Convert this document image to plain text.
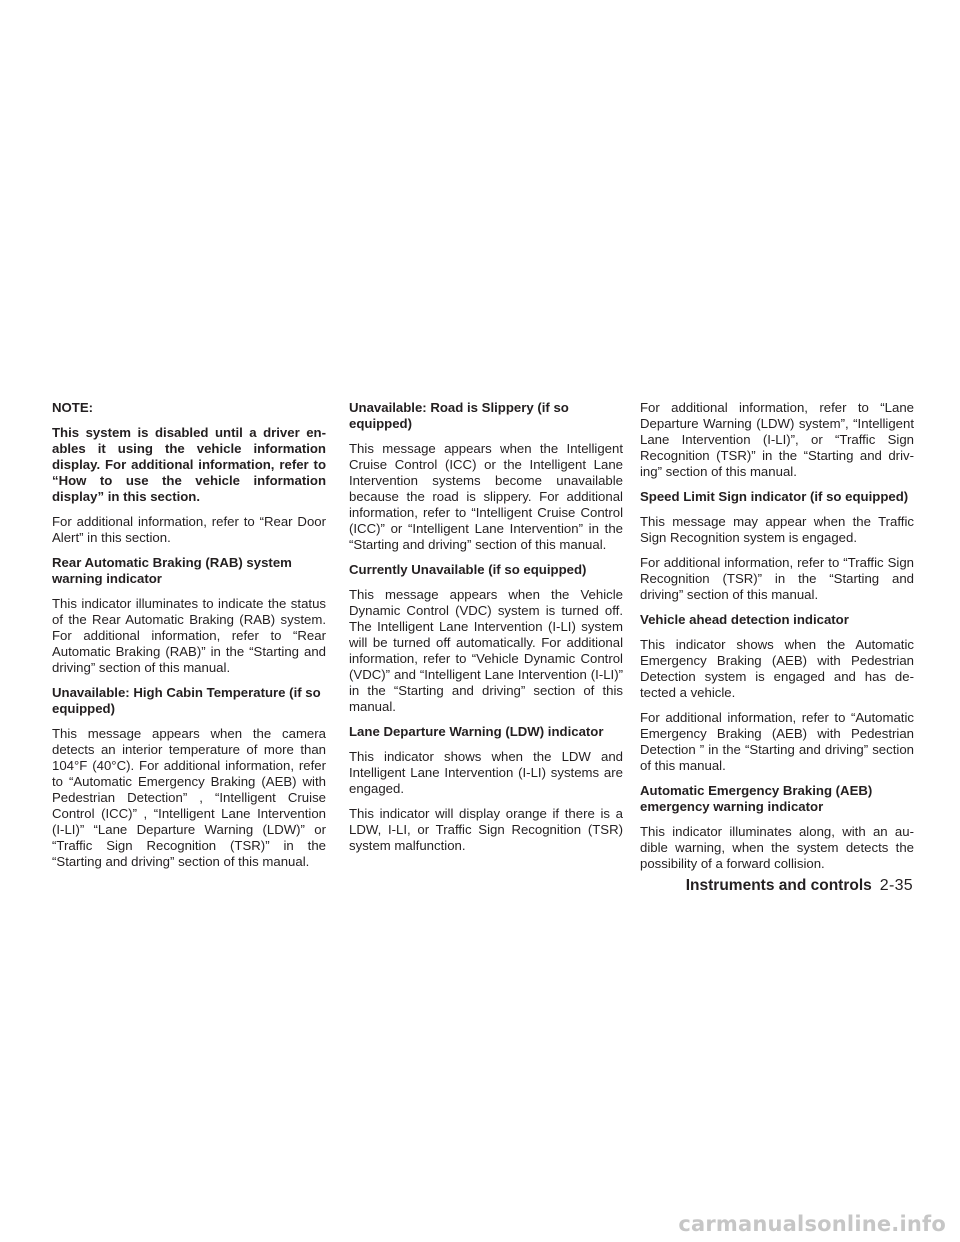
NOTE:

This system is disabled until a driver enables it using the vehicle information display. For additional information, refer to “How to use the vehicle information display” in this section.

For additional information, refer to “Rear Door Alert” in this section.

Rear Automatic Braking (RAB) system warning indicator

This indicator illuminates to indicate the status of the Rear Automatic Braking (RAB) system. For additional information, refer to “Rear Automatic Braking (RAB)” in the “Starting and driving” section of this manual.

Unavailable: High Cabin Temperature (if so equipped)

This message appears when the camera detects an interior temperature of more than 104°F (40°C). For additional information, refer to “Automatic Emergency Braking (AEB) with Pedestrian Detection” , “Intelligent Cruise Control (ICC)” , “Intelligent Lane Intervention (I-LI)” “Lane Departure Warning (LDW)” or “Traffic Sign Recognition (TSR)” in the “Starting and driving” section of this manual.

Unavailable: Road is Slippery (if so equipped)

This message appears when the Intelligent Cruise Control (ICC) or the Intelligent Lane Intervention systems become unavailable because the road is slippery. For additional information, refer to “Intelligent Cruise Control (ICC)” or “Intelligent Lane Intervention” in the “Starting and driving” section of this manual.

Currently Unavailable (if so equipped)

This message appears when the Vehicle Dynamic Control (VDC) system is turned off. The Intelligent Lane Intervention (I-LI) system will be turned off automatically. For additional information, refer to “Vehicle Dynamic Control (VDC)” and “Intelligent Lane Intervention (I-LI)” in the “Starting and driving” section of this manual.

Lane Departure Warning (LDW) indicator

This indicator shows when the LDW and Intelligent Lane Intervention (I-LI) systems are engaged.

This indicator will display orange if there is a LDW, I-LI, or Traffic Sign Recognition (TSR) system malfunction.

For additional information, refer to “Lane Departure Warning (LDW) system”, “Intelligent Lane Intervention (I-LI)”, or “Traffic Sign Recognition (TSR)” in the “Starting and driving” section of this manual.

Speed Limit Sign indicator (if so equipped)

This message may appear when the Traffic Sign Recognition system is engaged.

For additional information, refer to “Traffic Sign Recognition (TSR)” in the “Starting and driving” section of this manual.

Vehicle ahead detection indicator

This indicator shows when the Automatic Emergency Braking (AEB) with Pedestrian Detection system is engaged and has detected a vehicle.

For additional information, refer to “Automatic Emergency Braking (AEB) with Pedestrian Detection ” in the “Starting and driving” section of this manual.

Automatic Emergency Braking (AEB) emergency warning indicator

This indicator illuminates along, with an audible warning, when the system detects the possibility of a forward collision.

Instruments and controls 2-35
carmanualsonline.info
